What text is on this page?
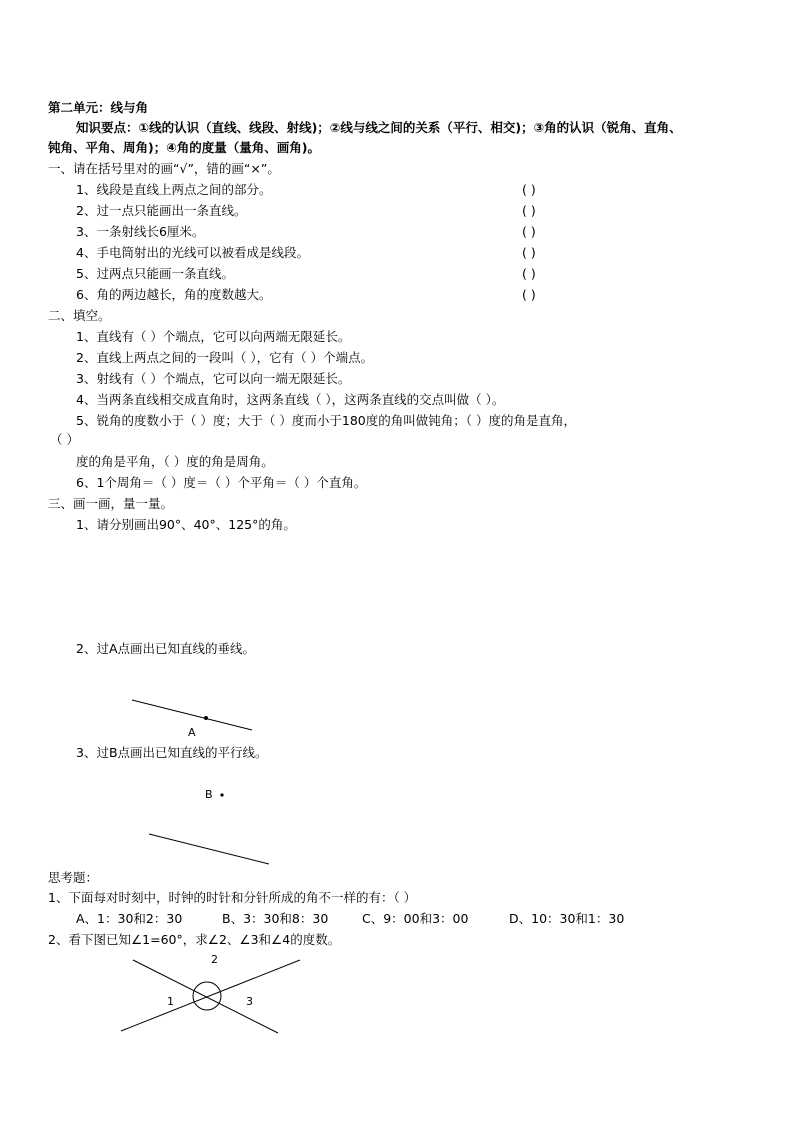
第二单元：线与角
知识要点：①线的认识（直线、线段、射线)；②线与线之间的关系（平行、相交)；③角的认识（锐角、直角、
钝角、平角、周角)；④角的度量（量角、画角)。
一、请在括号里对的画“√”，错的画“×”。
1、线段是直线上两点之间的部分。	( )
2、过一点只能画出一条直线。	( )
3、一条射线长6厘米。	( )
4、手电筒射出的光线可以被看成是线段。	( )
5、过两点只能画一条直线。	( )
6、角的两边越长，角的度数越大。	( )
二、填空。
1、直线有（ ）个端点，它可以向两端无限延长。
2、直线上两点之间的一段叫（ ），它有（ ）个端点。
3、射线有（ ）个端点，它可以向一端无限延长。
4、当两条直线相交成直角时，这两条直线（ ），这两条直线的交点叫做（ ）。
5、锐角的度数小于（ ）度；大于（ ）度而小于180度的角叫做钝角；（ ）度的角是直角，
（ ）
度的角是平角，（ ）度的角是周角。
6、1个周角＝（ ）度＝（ ）个平角＝（ ）个直角。
三、画一画，量一量。
1、请分别画出90°、40°、125°的角。
2、过A点画出已知直线的垂线。
3、过B点画出已知直线的平行线。
A
B
思考题：
1、下面每对时刻中，时钟的时针和分针所成的角不一样的有：（ ）
A、1：30和2：30	B、3：30和8：30	C、9：00和3：00	D、10：30和1：30
2、看下图已知∠1=60°，求∠2、∠3和∠4的度数。
1
2
3
